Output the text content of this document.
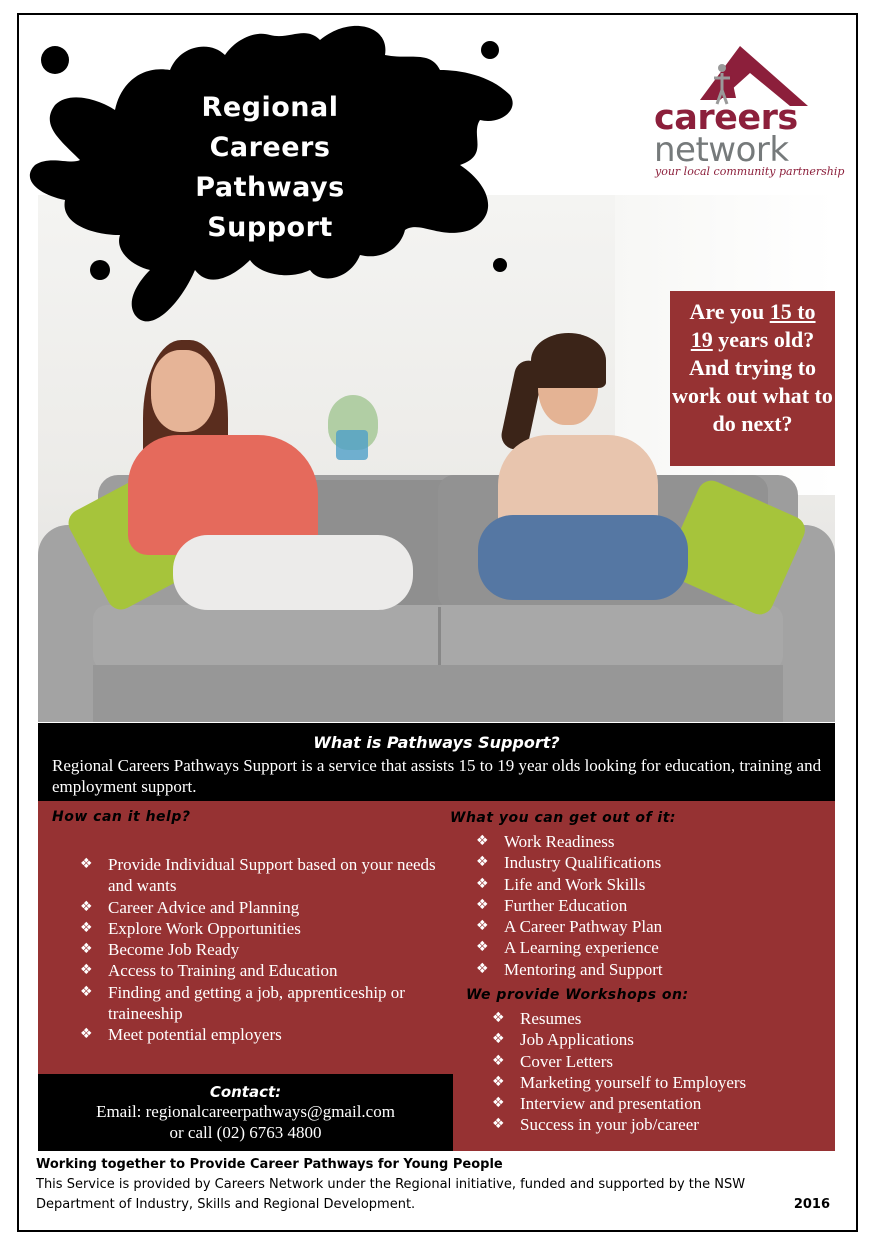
Regional
Careers
Pathways
Support
careers
network
your local community partnership
Are you 15 to
19 years old? And trying to work out what to do next?
What is Pathways Support?
Regional Careers Pathways Support is a service that assists 15 to 19 year olds looking for education, training and employment support.
How can it help?
❖ Provide Individual Support based on your needs and wants
❖ Career Advice and Planning
❖ Explore Work Opportunities
❖ Become Job Ready
❖ Access to Training and Education
❖ Finding and getting a job, apprenticeship or traineeship
❖ Meet potential employers
What you can get out of it:
❖ Work Readiness
❖ Industry Qualifications
❖ Life and Work Skills
❖ Further Education
❖ A Career Pathway Plan
❖ A Learning experience
❖ Mentoring and Support
We provide Workshops on:
❖ Resumes
❖ Job Applications
❖ Cover Letters
❖ Marketing yourself to Employers
❖ Interview and presentation
❖ Success in your job/career
Contact:
Email: regionalcareerpathways@gmail.com
or call (02) 6763 4800
Working together to Provide Career Pathways for Young People
This Service is provided by Careers Network under the Regional initiative, funded and supported by the NSW Department of Industry, Skills and Regional Development.	2016
